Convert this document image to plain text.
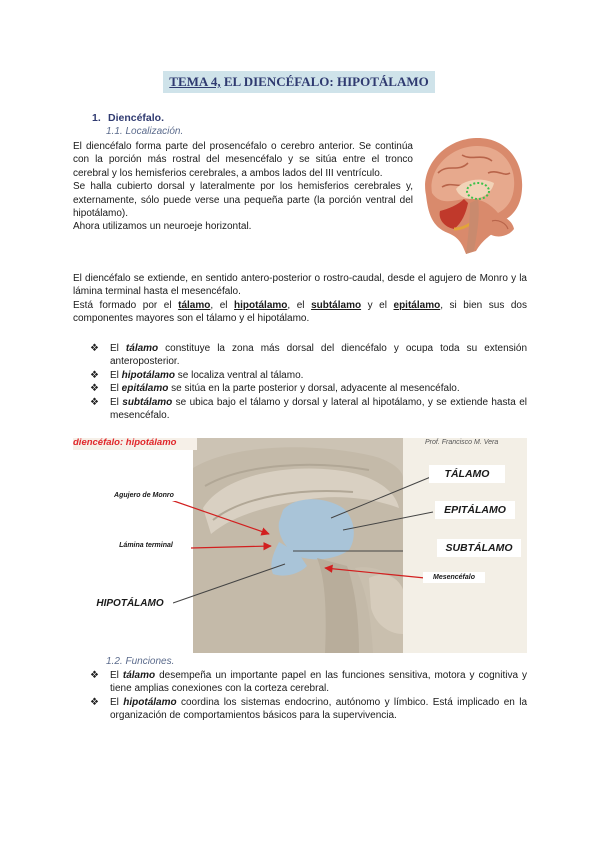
TEMA 4, EL DIENCÉFALO: HIPOTÁLAMO
1. Diencéfalo.
1.1. Localización.

El diencéfalo forma parte del prosencéfalo o cerebro anterior. Se continúa con la porción más rostral del mesencéfalo y se sitúa entre el tronco cerebral y los hemisferios cerebrales, a ambos lados del III ventrículo.

Se halla cubierto dorsal y lateralmente por los hemisferios cerebrales y, externamente, sólo puede verse una pequeña parte (la porción ventral del hipotálamo).

Ahora utilizamos un neuroeje horizontal.

El diencéfalo se extiende, en sentido antero-posterior o rostro-caudal, desde el agujero de Monro y la lámina terminal hasta el mesencéfalo.

Está formado por el tálamo, el hipotálamo, el subtálamo y el epitálamo, si bien sus dos componentes mayores son el tálamo y el hipotálamo.

❖ El tálamo constituye la zona más dorsal del diencéfalo y ocupa toda su extensión anteroposterior.
❖ El hipotálamo se localiza ventral al tálamo.
❖ El epitálamo se sitúa en la parte posterior y dorsal, adyacente al mesencéfalo.
❖ El subtálamo se ubica bajo el tálamo y dorsal y lateral al hipotálamo, y se extiende hasta el mesencéfalo.
diencéfalo: hipotálamo	Prof. Francisco M. Vera
Agujero de Monro
Lámina terminal
HIPOTÁLAMO
TÁLAMO
EPITÁLAMO
SUBTÁLAMO
Mesencéfalo
1.2. Funciones.
❖ El tálamo desempeña un importante papel en las funciones sensitiva, motora y cognitiva y tiene amplias conexiones con la corteza cerebral.
❖ El hipotálamo coordina los sistemas endocrino, autónomo y límbico. Está implicado en la organización de comportamientos básicos para la supervivencia.
